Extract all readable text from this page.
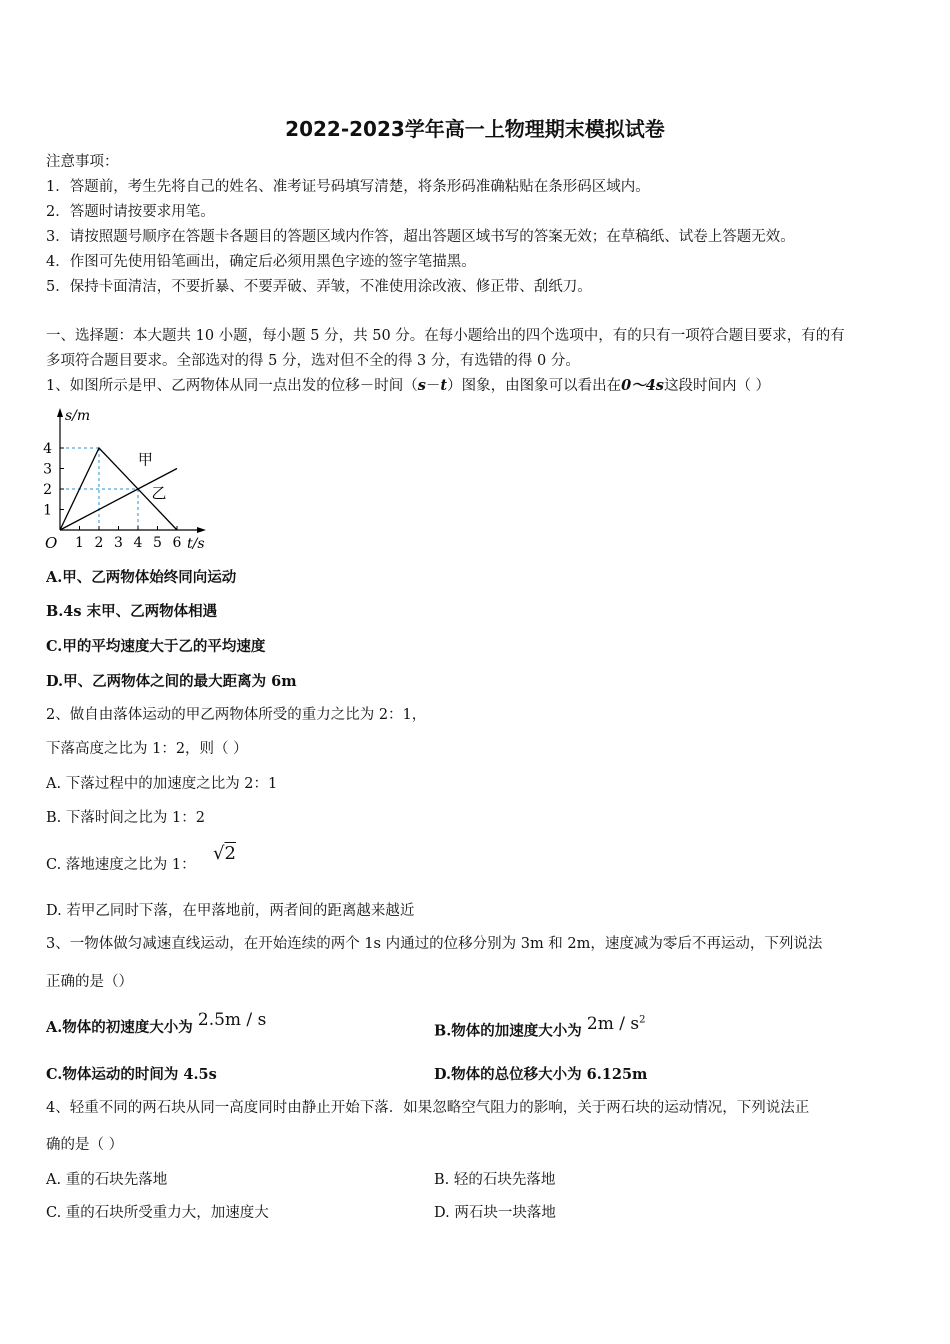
2022-2023学年高一上物理期末模拟试卷
注意事项：
1．答题前，考生先将自己的姓名、准考证号码填写清楚，将条形码准确粘贴在条形码区域内。
2．答题时请按要求用笔。
3．请按照题号顺序在答题卡各题目的答题区域内作答，超出答题区域书写的答案无效；在草稿纸、试卷上答题无效。
4．作图可先使用铅笔画出，确定后必须用黑色字迹的签字笔描黑。
5．保持卡面清洁，不要折暴、不要弄破、弄皱，不准使用涂改液、修正带、刮纸刀。
一、选择题：本大题共 10 小题，每小题 5 分，共 50 分。在每小题给出的四个选项中，有的只有一项符合题目要求，有的有
多项符合题目要求。全部选对的得 5 分，选对但不全的得 3 分，有选错的得 0 分。
1、如图所示是甲、乙两物体从同一点出发的位移－时间（s－t）图象，由图象可以看出在0～4s这段时间内（ ）
1
2
3
4
1 2 3 4 5 6
甲
乙
O	t/s
s/m
A.甲、乙两物体始终同向运动
B.4s 末甲、乙两物体相遇
C.甲的平均速度大于乙的平均速度
D.甲、乙两物体之间的最大距离为 6m
2、做自由落体运动的甲乙两物体所受的重力之比为 2：1，
下落高度之比为 1：2，则（ ）
A. 下落过程中的加速度之比为 2：1
B. 下落时间之比为 1：2
C. 落地速度之比为 1：
√2
D. 若甲乙同时下落，在甲落地前，两者间的距离越来越近
3、一物体做匀减速直线运动，在开始连续的两个 1s 内通过的位移分别为 3m 和 2m，速度减为零后不再运动，下列说法
正确的是（）
A.物体的初速度大小为 2.5m / s
B.物体的加速度大小为 $2m / s^2$
C.物体运动的时间为 4.5s	D.物体的总位移大小为 6.125m
4、轻重不同的两石块从同一高度同时由静止开始下落．如果忽略空气阻力的影响，关于两石块的运动情况，下列说法正
确的是（ ）
A. 重的石块先落地	B. 轻的石块先落地
C. 重的石块所受重力大，加速度大	D. 两石块一块落地
